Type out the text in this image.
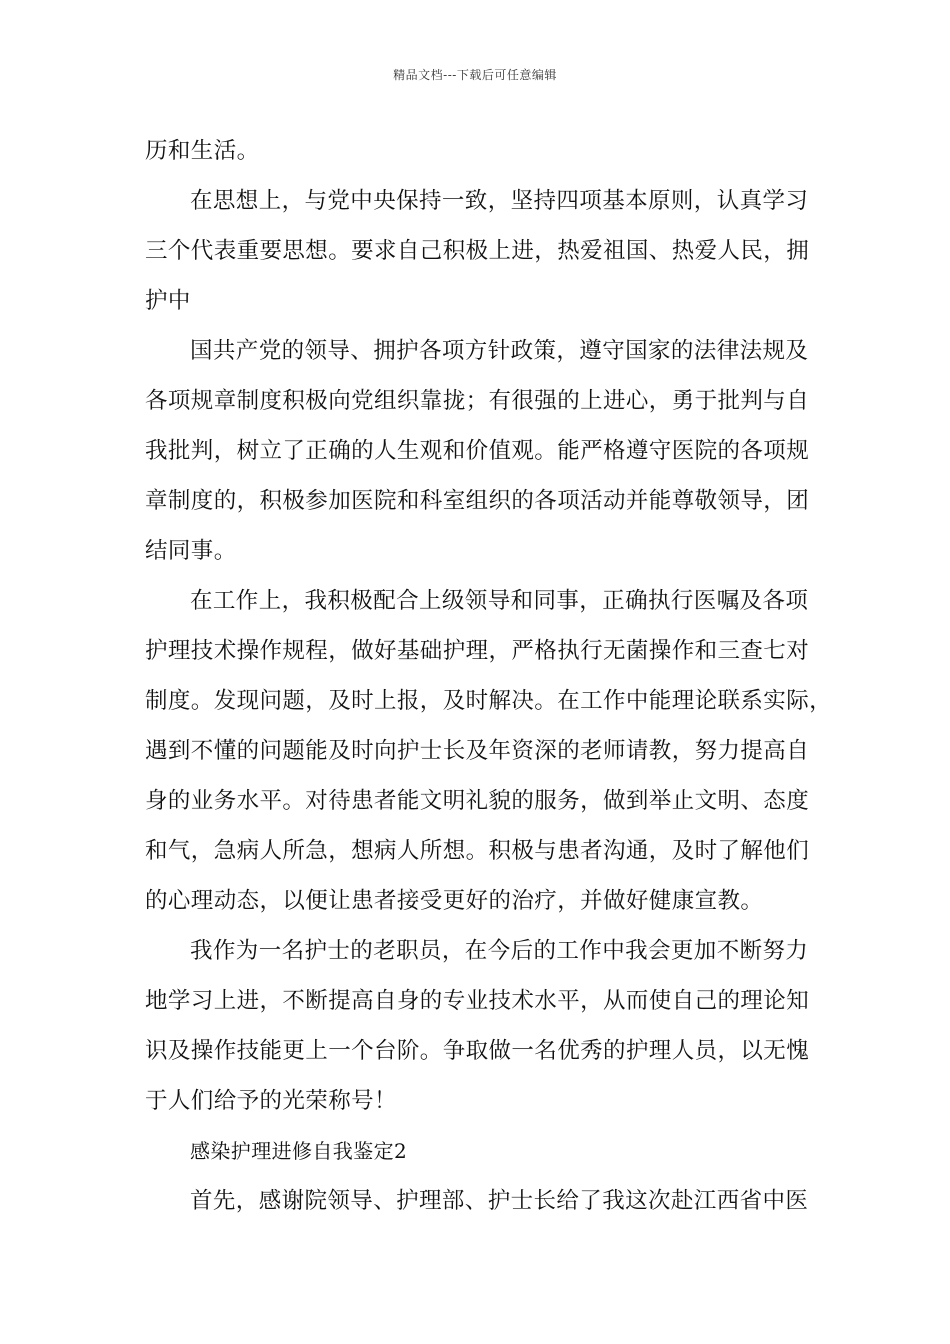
精品文档---下载后可任意编辑
历和生活。
在思想上，与党中央保持一致，坚持四项基本原则，认真学习
三个代表重要思想。要求自己积极上进，热爱祖国、热爱人民，拥
护中
国共产党的领导、拥护各项方针政策，遵守国家的法律法规及
各项规章制度积极向党组织靠拢；有很强的上进心，勇于批判与自
我批判，树立了正确的人生观和价值观。能严格遵守医院的各项规
章制度的，积极参加医院和科室组织的各项活动并能尊敬领导，团
结同事。
在工作上，我积极配合上级领导和同事，正确执行医嘱及各项
护理技术操作规程，做好基础护理，严格执行无菌操作和三查七对
制度。发现问题，及时上报，及时解决。在工作中能理论联系实际，
遇到不懂的问题能及时向护士长及年资深的老师请教，努力提高自
身的业务水平。对待患者能文明礼貌的服务，做到举止文明、态度
和气，急病人所急，想病人所想。积极与患者沟通，及时了解他们
的心理动态，以便让患者接受更好的治疗，并做好健康宣教。
我作为一名护士的老职员，在今后的工作中我会更加不断努力
地学习上进，不断提高自身的专业技术水平，从而使自己的理论知
识及操作技能更上一个台阶。争取做一名优秀的护理人员，以无愧
于人们给予的光荣称号！
感染护理进修自我鉴定2
首先，感谢院领导、护理部、护士长给了我这次赴江西省中医
